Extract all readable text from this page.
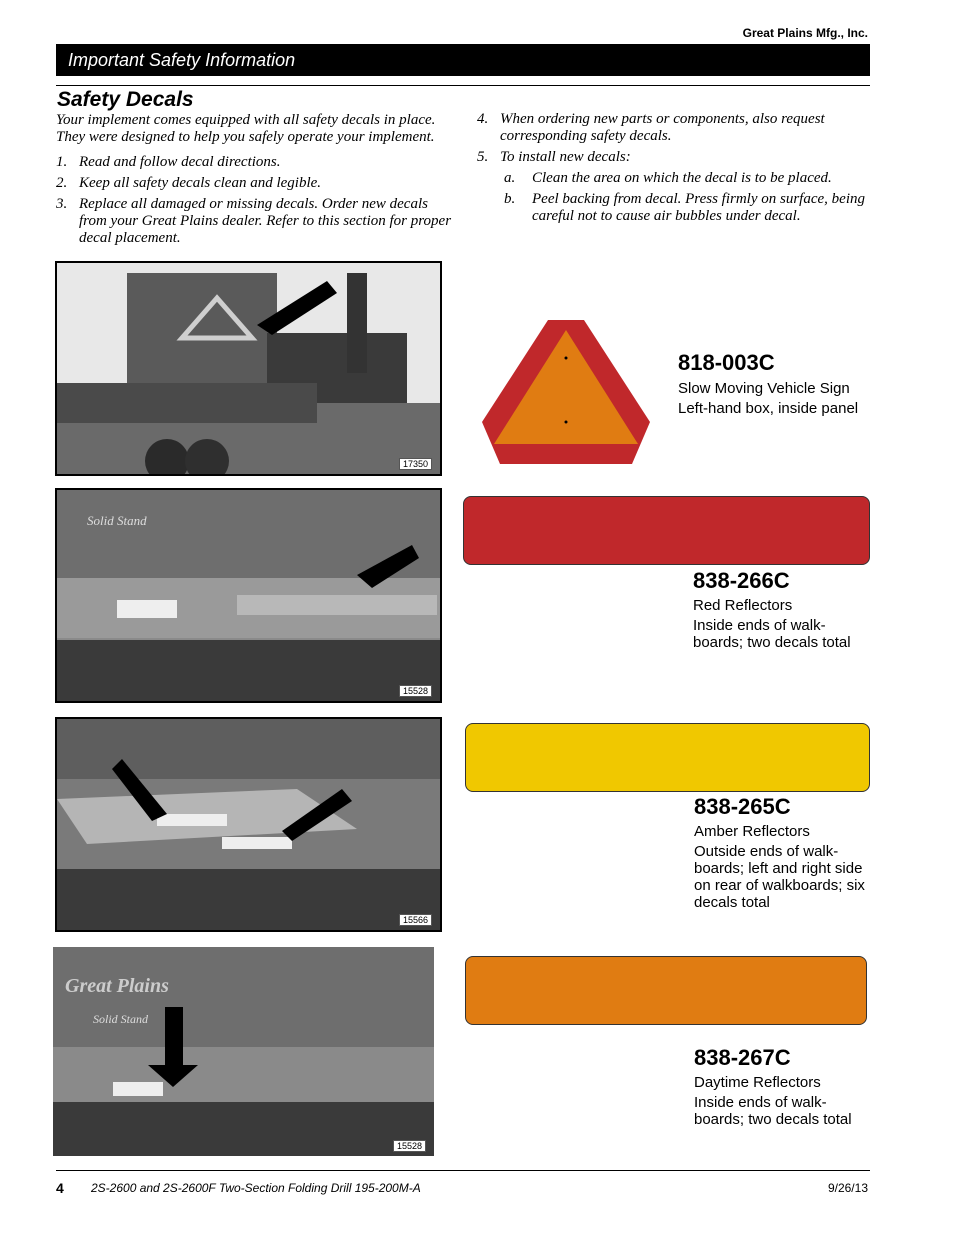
Great Plains Mfg., Inc.
Important Safety Information
Safety Decals
Your implement comes equipped with all safety decals in place. They were designed to help you safely operate your implement.
1. Read and follow decal directions.
2. Keep all safety decals clean and legible.
3. Replace all damaged or missing decals. Order new decals from your Great Plains dealer. Refer to this section for proper decal placement.
4. When ordering new parts or components, also request corresponding safety decals.
5. To install new decals:
a. Clean the area on which the decal is to be placed.
b. Peel backing from decal. Press firmly on surface, being careful not to cause air bubbles under decal.
17350
818-003C
Slow Moving Vehicle Sign
Left-hand box, inside panel
Solid Stand
15528
838-266C
Red Reflectors
Inside ends of walk-boards; two decals total
15566
838-265C
Amber Reflectors
Outside ends of walk-boards; left and right side on rear of walkboards; six decals total
Great Plains
Solid Stand
15528
838-267C
Daytime Reflectors
Inside ends of walk-boards; two decals total
4 2S-2600 and 2S-2600F Two-Section Folding Drill 195-200M-A	9/26/13
